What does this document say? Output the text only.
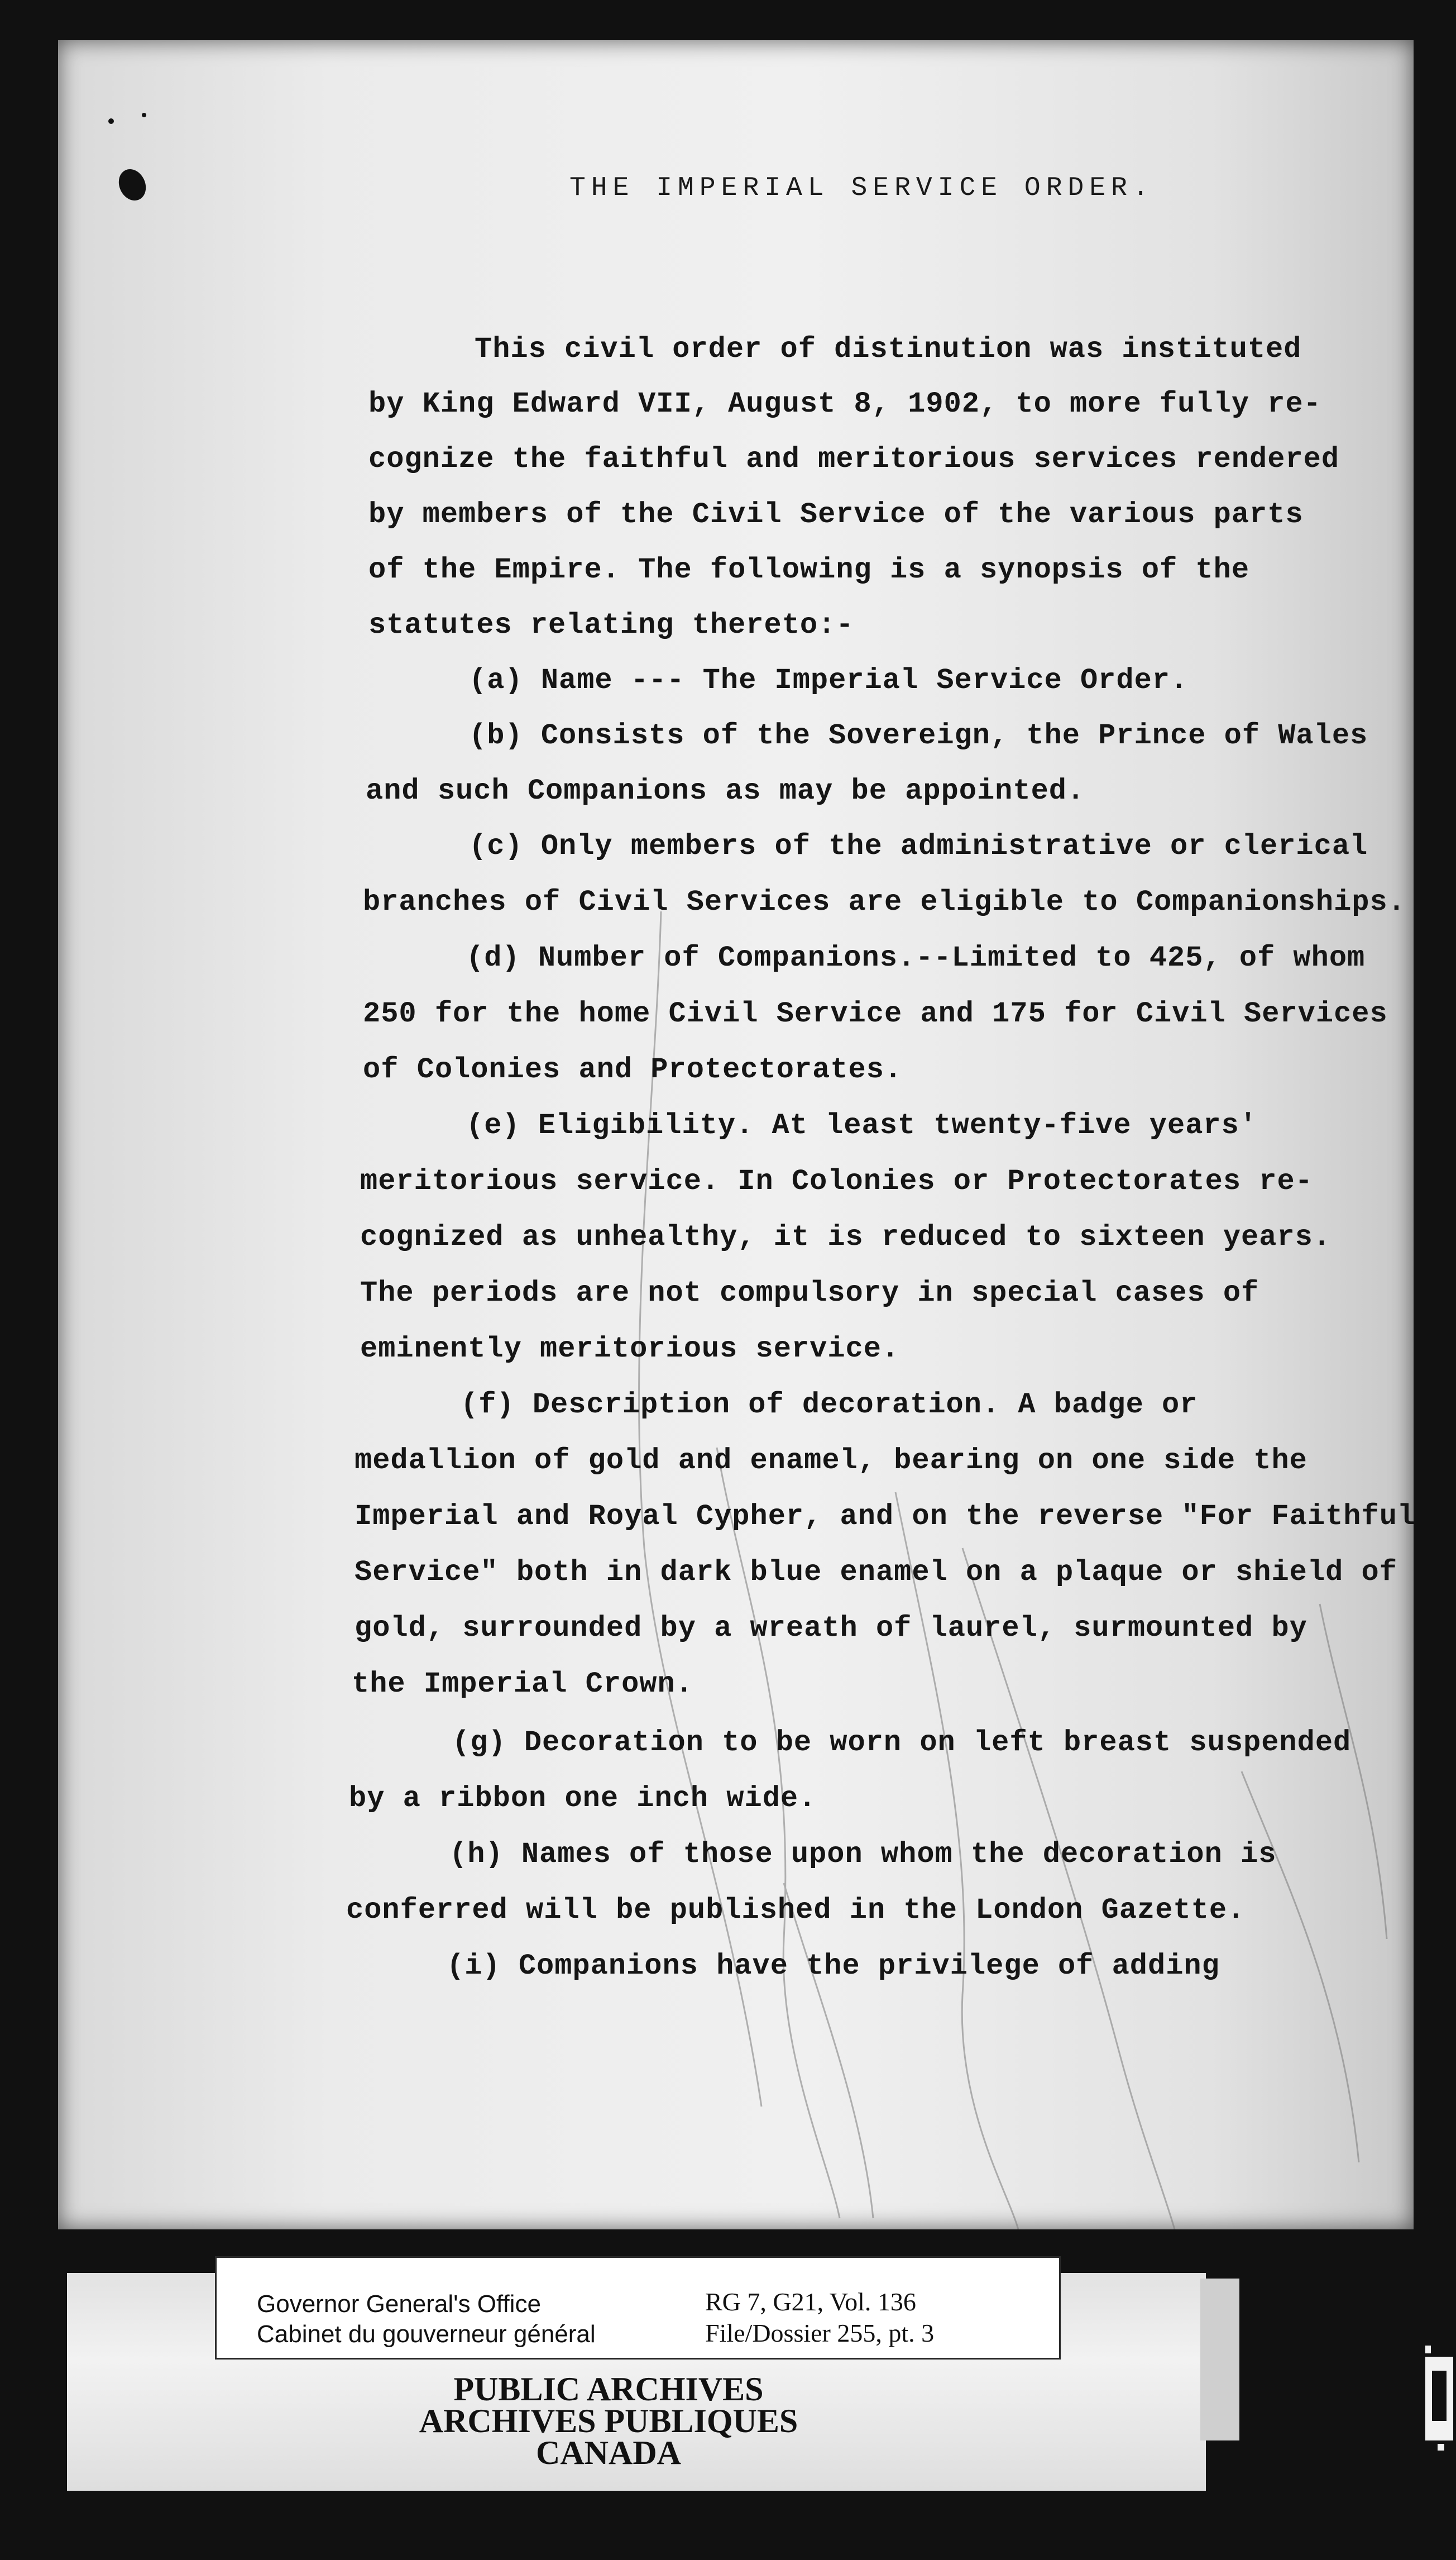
THE IMPERIAL SERVICE ORDER.

This civil order of distinution was instituted

by King Edward VII, August 8, 1902, to more fully re-

cognize the faithful and meritorious services rendered

by members of the Civil Service of the various parts

of the Empire. The following is a synopsis of the

statutes relating thereto:-

(a) Name --- The Imperial Service Order.

(b) Consists of the Sovereign, the Prince of Wales

and such Companions as may be appointed.

(c) Only members of the administrative or clerical

branches of Civil Services are eligible to Companionships.

(d) Number of Companions.--Limited to 425, of whom

250 for the home Civil Service and 175 for Civil Services

of Colonies and Protectorates.

(e) Eligibility. At least twenty-five years'

meritorious service. In Colonies or Protectorates re-

cognized as unhealthy, it is reduced to sixteen years.

The periods are not compulsory in special cases of

eminently meritorious service.

(f) Description of decoration. A badge or

medallion of gold and enamel, bearing on one side the

Imperial and Royal Cypher, and on the reverse "For Faithful

Service" both in dark blue enamel on a plaque or shield of

gold, surrounded by a wreath of laurel, surmounted by

the Imperial Crown.

(g) Decoration to be worn on left breast suspended

by a ribbon one inch wide.

(h) Names of those upon whom the decoration is

conferred will be published in the London Gazette.

(i) Companions have the privilege of adding

Governor General's Office

Cabinet du gouverneur général

RG 7, G21, Vol. 136

File/Dossier 255, pt. 3

PUBLIC ARCHIVES

ARCHIVES PUBLIQUES

CANADA
